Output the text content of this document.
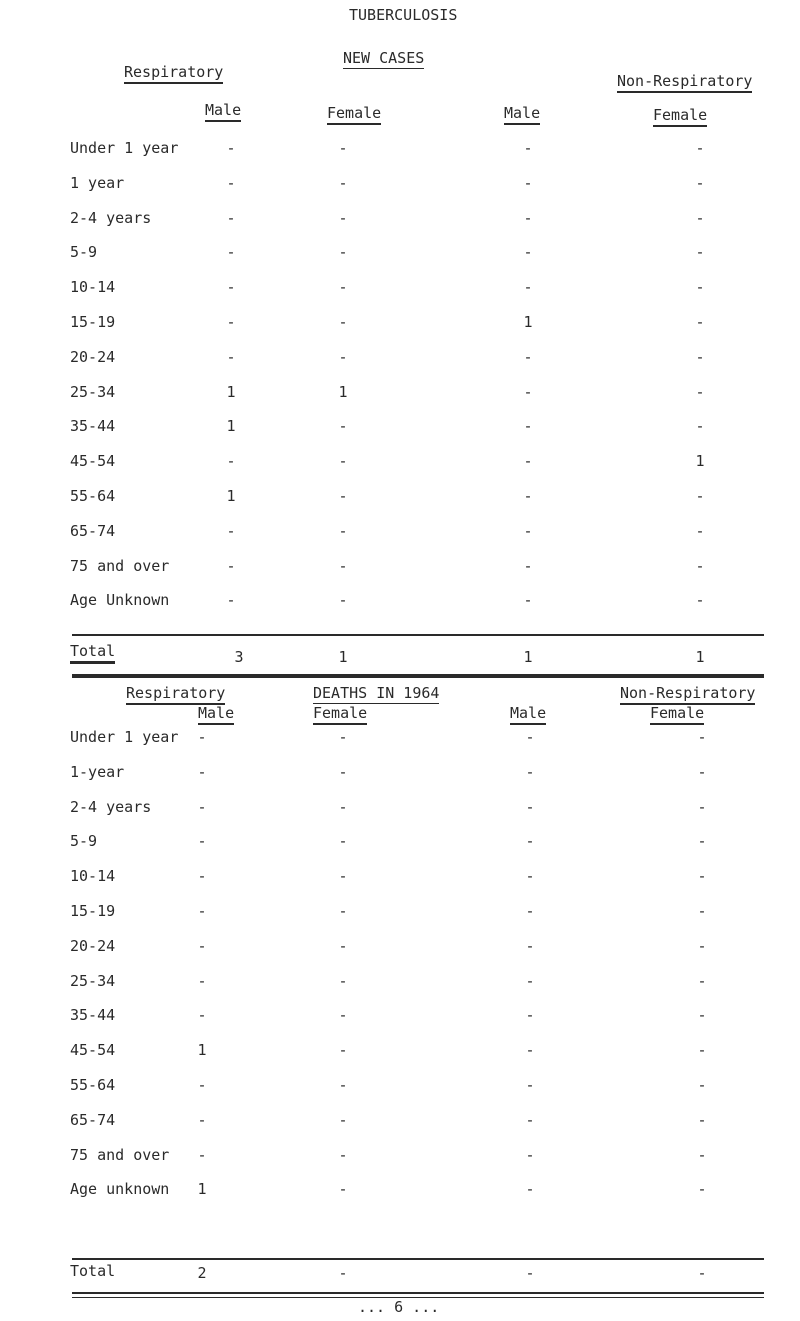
TUBERCULOSIS
NEW CASES
Respiratory	Non-Respiratory
Male	Female	Male	Female
Under 1 year	-	-	-	-
1 year	-	-	-	-
2-4 years	-	-	-	-
5-9	-	-	-	-
10-14	-	-	-	-
15-19	-	-	1	-
20-24	-	-	-	-
25-34	1	1	-	-
35-44	1	-	-	-
45-54	-	-	-	1
55-64	1	-	-	-
65-74	-	-	-	-
75 and over	-	-	-	-
Age Unknown	-	-	-	-
Total	3	1	1	1
Respiratory	DEATHS IN 1964	Non-Respiratory
Male	Female	Male	Female
Under 1 year	-	-	-	-
1-year	-	-	-	-
2-4 years	-	-	-	-
5-9	-	-	-	-
10-14	-	-	-	-
15-19	-	-	-	-
20-24	-	-	-	-
25-34	-	-	-	-
35-44	-	-	-	-
45-54	1	-	-	-
55-64	-	-	-	-
65-74	-	-	-	-
75 and over	-	-	-	-
Age unknown	1	-	-	-
Total	2	-	-	-
... 6 ...
